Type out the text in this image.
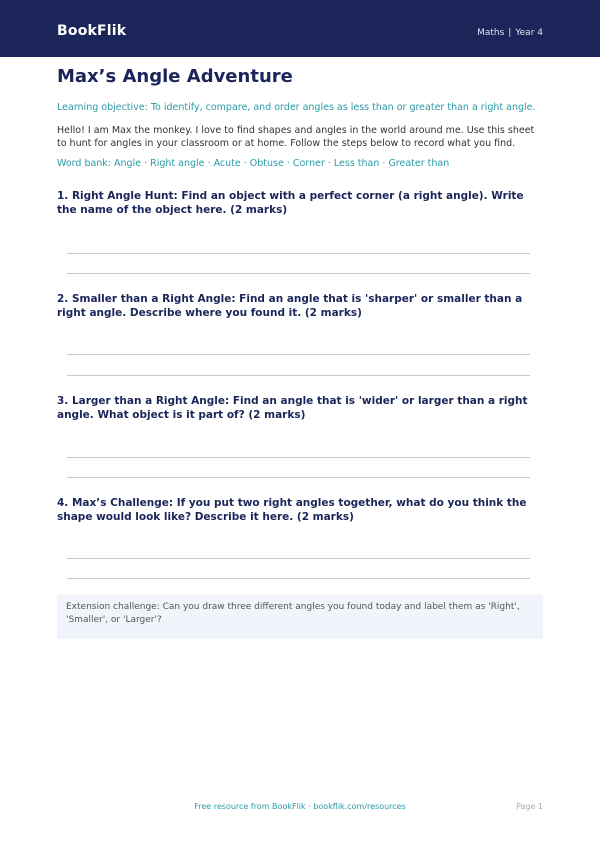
BookFlik	Maths | Year 4
Max’s Angle Adventure
Learning objective: To identify, compare, and order angles as less than or greater than a right angle.
Hello! I am Max the monkey. I love to find shapes and angles in the world around me. Use this sheet to hunt for angles in your classroom or at home. Follow the steps below to record what you find.
Word bank: Angle · Right angle · Acute · Obtuse · Corner · Less than · Greater than
1. Right Angle Hunt: Find an object with a perfect corner (a right angle). Write the name of the object here. (2 marks)
2. Smaller than a Right Angle: Find an angle that is 'sharper' or smaller than a right angle. Describe where you found it. (2 marks)
3. Larger than a Right Angle: Find an angle that is 'wider' or larger than a right angle. What object is it part of? (2 marks)
4. Max’s Challenge: If you put two right angles together, what do you think the shape would look like? Describe it here. (2 marks)
Extension challenge: Can you draw three different angles you found today and label them as 'Right', 'Smaller', or 'Larger'?
Free resource from BookFlik · bookflik.com/resources	Page 1
